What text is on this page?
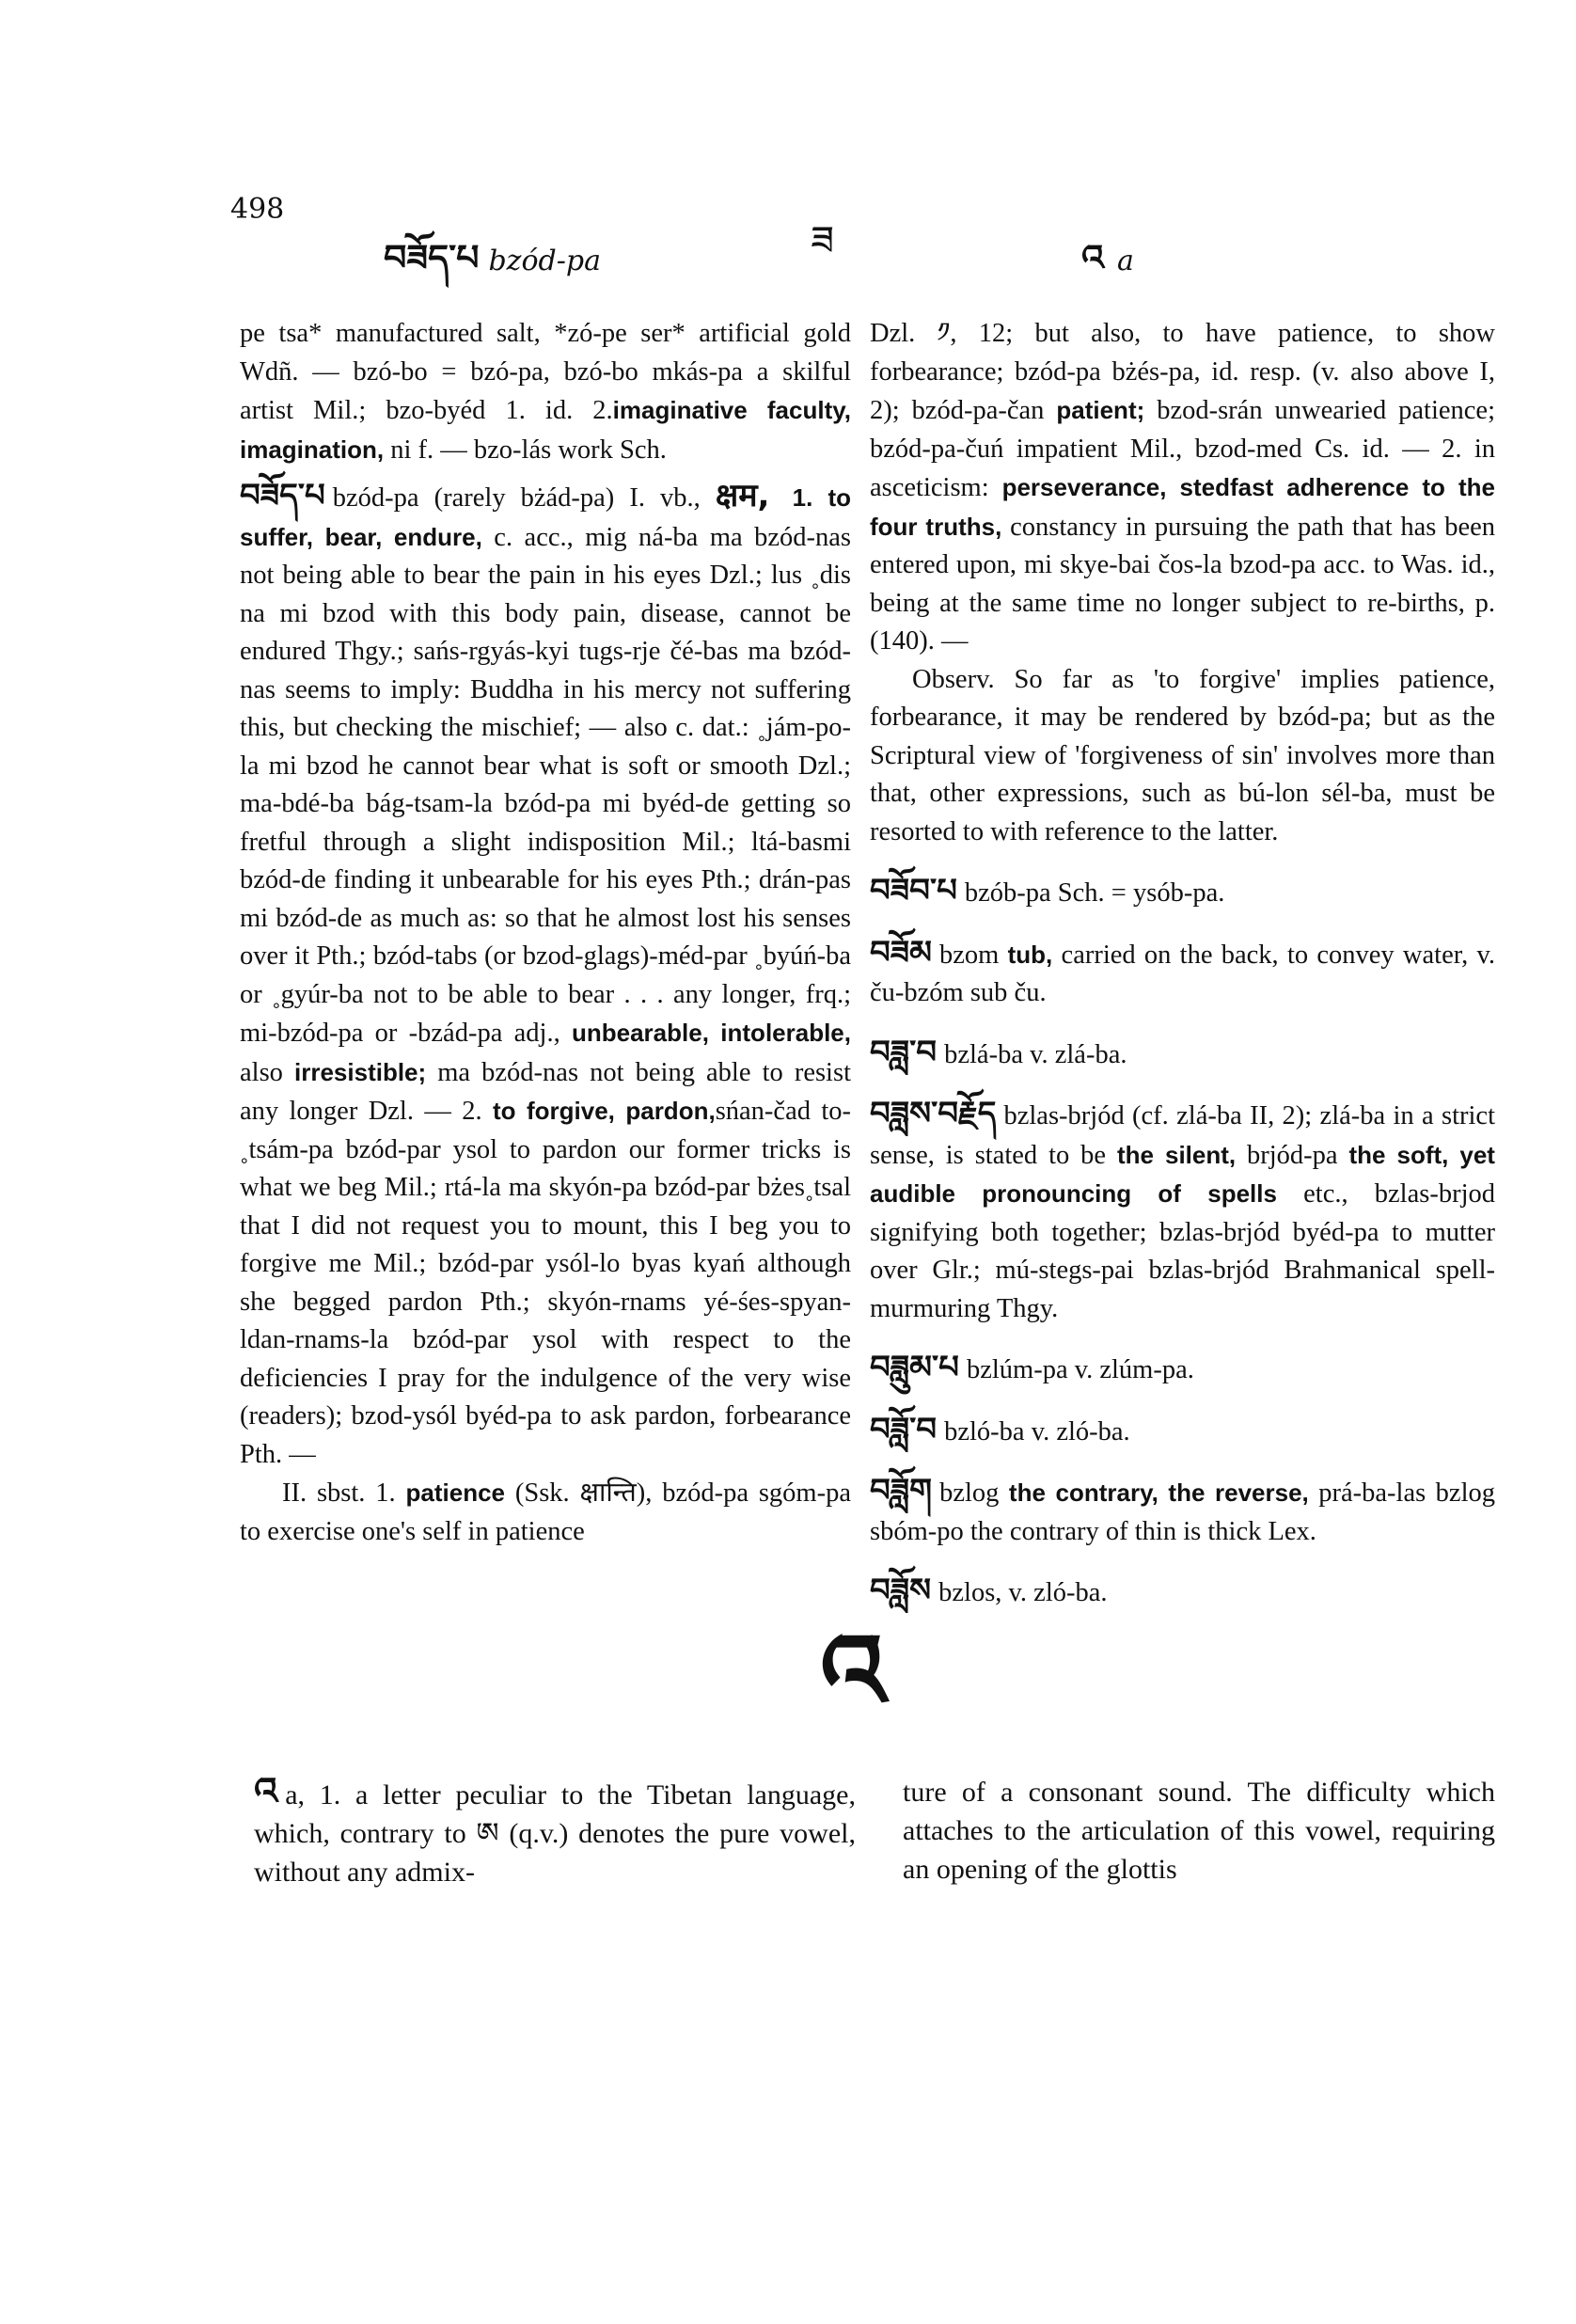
498
ཟ
བཟོད་པ bzód-pa	འ a

pe tsa* manufactured salt, *zó-pe ser* artificial gold Wdñ. — bzó-bo = bzó-pa, bzó-bo mkás-pa a skilful artist Mil.; bzo-byéd 1. id. 2.imaginative faculty, imagination, ni f. — bzo-lás work Sch.

བཟོད་པ bzód-pa (rarely bżád-pa) I. vb., क्षम, 1. to suffer, bear, endure, c. acc., mig ná-ba ma bzód-nas not being able to bear the pain in his eyes Dzl.; lus ˳dis na mi bzod with this body pain, disease, cannot be endured Thgy.; sańs-rgyás-kyi tugs-rje čé-bas ma bzód-nas seems to imply: Buddha in his mercy not suffering this, but checking the mischief; — also c. dat.: ˳jám-po-la mi bzod he cannot bear what is soft or smooth Dzl.; ma-bdé-ba bág-tsam-la bzód-pa mi byéd-de getting so fretful through a slight indisposition Mil.; ltá-basmi bzód-de finding it unbearable for his eyes Pth.; drán-pas mi bzód-de as much as: so that he almost lost his senses over it Pth.; bzód-tabs (or bzod-glags)-méd-par ˳byúń-ba or ˳gyúr-ba not to be able to bear . . . any longer, frq.; mi-bzód-pa or -bzád-pa adj., unbearable, intolerable, also irresistible; ma bzód-nas not being able to resist any longer Dzl. — 2. to forgive, pardon,sńan-čad to-˳tsám-pa bzód-par ysol to pardon our former tricks is what we beg Mil.; rtá-la ma skyón-pa bzód-par bżes˳tsal that I did not request you to mount, this I beg you to forgive me Mil.; bzód-par ysól-lo byas kyań although she begged pardon Pth.; skyón-rnams yé-śes-spyan-ldan-rnams-la bzód-par ysol with respect to the deficiencies I pray for the indulgence of the very wise (readers); bzod-ysól byéd-pa to ask pardon, forbearance Pth. —

II. sbst. 1. patience (Ssk. क्षान्ति), bzód-pa sgóm-pa to exercise one's self in patience

Dzl. ༡, 12; but also, to have patience, to show forbearance; bzód-pa bżés-pa, id. resp. (v. also above I, 2); bzód-pa-čan patient; bzod-srán unwearied patience; bzód-pa-čuń impatient Mil., bzod-med Cs. id. — 2. in asceticism: perseverance, stedfast adherence to the four truths, constancy in pursuing the path that has been entered upon, mi skye-bai čos-la bzod-pa acc. to Was. id., being at the same time no longer subject to re-births, p. (140). —

Observ. So far as 'to forgive' implies patience, forbearance, it may be rendered by bzód-pa; but as the Scriptural view of 'forgiveness of sin' involves more than that, other expressions, such as bú-lon sél-ba, must be resorted to with reference to the latter.

བཟོབ་པ bzób-pa Sch. = ysób-pa.

བཟོམ bzom tub, carried on the back, to convey water, v. ču-bzóm sub ču.

བཟླ་བ bzlá-ba v. zlá-ba.

བཟླས་བརྗོད bzlas-brjód (cf. zlá-ba II, 2); zlá-ba in a strict sense, is stated to be the silent, brjód-pa the soft, yet audible pronouncing of spells etc., bzlas-brjod signifying both together; bzlas-brjód byéd-pa to mutter over Glr.; mú-stegs-pai bzlas-brjód Brahmanical spell-murmuring Thgy.

བཟླུམ་པ bzlúm-pa v. zlúm-pa.

བཟློ་བ bzló-ba v. zló-ba.

བཟློག bzlog the contrary, the reverse, prá-ba-las bzlog sbóm-po the contrary of thin is thick Lex.

བཟློས bzlos, v. zló-ba.

འ
འ a, 1. a letter peculiar to the Tibetan language, which, contrary to ཨ (q.v.) denotes the pure vowel, without any admix-
ture of a consonant sound. The difficulty which attaches to the articulation of this vowel, requiring an opening of the glottis
